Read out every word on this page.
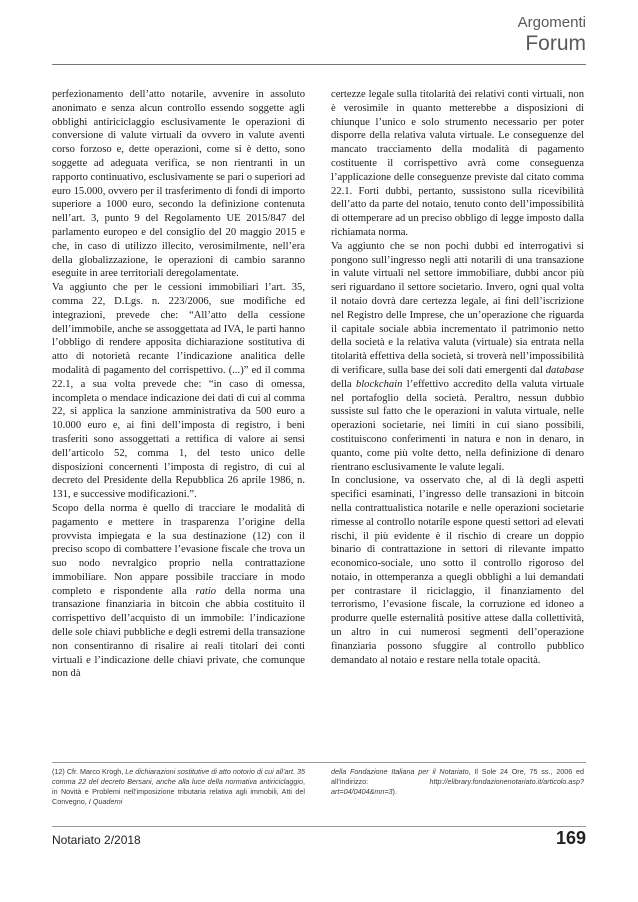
Argomenti
Forum

perfezionamento dell’atto notarile, avvenire in assoluto anonimato e senza alcun controllo essendo soggette agli obblighi antiriciclaggio esclusivamente le operazioni di conversione di valute virtuali da ovvero in valute aventi corso forzoso e, dette operazioni, come si è detto, sono soggette ad adeguata verifica, se non rientranti in un rapporto continuativo, esclusivamente se pari o superiori ad euro 15.000, ovvero per il trasferimento di fondi di importo superiore a 1000 euro, secondo la definizione contenuta nell’art. 3, punto 9 del Regolamento UE 2015/847 del parlamento europeo e del consiglio del 20 maggio 2015 e che, in caso di utilizzo illecito, verosimilmente, nell’era della globalizzazione, le operazioni di cambio saranno eseguite in aree territoriali deregolamentate.

Va aggiunto che per le cessioni immobiliari l’art. 35, comma 22, D.Lgs. n. 223/2006, sue modifiche ed integrazioni, prevede che: “All’atto della cessione dell’immobile, anche se assoggettata ad IVA, le parti hanno l’obbligo di rendere apposita dichiarazione sostitutiva di atto di notorietà recante l’indicazione analitica delle modalità di pagamento del corrispettivo. (...)” ed il comma 22.1, a sua volta prevede che: “in caso di omessa, incompleta o mendace indicazione dei dati di cui al comma 22, si applica la sanzione amministrativa da 500 euro a 10.000 euro e, ai fini dell’imposta di registro, i beni trasferiti sono assoggettati a rettifica di valore ai sensi dell’articolo 52, comma 1, del testo unico delle disposizioni concernenti l’imposta di registro, di cui al decreto del Presidente della Repubblica 26 aprile 1986, n. 131, e successive modificazioni.”.

Scopo della norma è quello di tracciare le modalità di pagamento e mettere in trasparenza l’origine della provvista impiegata e la sua destinazione (12) con il preciso scopo di combattere l’evasione fiscale che trova un suo nodo nevralgico proprio nella contrattazione immobiliare. Non appare possibile tracciare in modo completo e rispondente alla ratio della norma una transazione finanziaria in bitcoin che abbia costituito il corrispettivo dell’acquisto di un immobile: l’indicazione delle sole chiavi pubbliche e degli estremi della transazione non consentiranno di risalire ai reali titolari dei conti virtuali e l’indicazione delle chiavi private, che comunque non dà

certezze legale sulla titolarità dei relativi conti virtuali, non è verosimile in quanto metterebbe a disposizioni di chiunque l’unico e solo strumento necessario per poter disporre della relativa valuta virtuale. Le conseguenze del mancato tracciamento della modalità di pagamento costituente il corrispettivo avrà come conseguenza l’applicazione delle conseguenze previste dal citato comma 22.1. Forti dubbi, pertanto, sussistono sulla ricevibilità dell’atto da parte del notaio, tenuto conto dell’impossibilità di ottemperare ad un preciso obbligo di legge imposto dalla richiamata norma.

Va aggiunto che se non pochi dubbi ed interrogativi si pongono sull’ingresso negli atti notarili di una transazione in valute virtuali nel settore immobiliare, dubbi ancor più seri riguardano il settore societario. Invero, ogni qual volta il notaio dovrà dare certezza legale, ai fini dell’iscrizione nel Registro delle Imprese, che un’operazione che riguarda il capitale sociale abbia incrementato il patrimonio netto della società e la relativa valuta (virtuale) sia entrata nella titolarità effettiva della società, si troverà nell’impossibilità di verificare, sulla base dei soli dati emergenti dal database della blockchain l’effettivo accredito della valuta virtuale nel portafoglio della società. Peraltro, nessun dubbio sussiste sul fatto che le operazioni in valuta virtuale, nelle operazioni societarie, nei limiti in cui siano possibili, costituiscono conferimenti in natura e non in denaro, in quanto, come più volte detto, nella definizione di denaro rientrano esclusivamente le valute legali.

In conclusione, va osservato che, al di là degli aspetti specifici esaminati, l’ingresso delle transazioni in bitcoin nella contrattualistica notarile e nelle operazioni societarie rimesse al controllo notarile espone questi settori ad elevati rischi, il più evidente è il rischio di creare un doppio binario di contrattazione in settori di rilevante impatto economico-sociale, uno sotto il controllo rigoroso del notaio, in ottemperanza a quegli obblighi a lui demandati per contrastare il riciclaggio, il finanziamento del terrorismo, l’evasione fiscale, la corruzione ed idoneo a produrre quelle esternalità positive attese dalla collettività, un altro in cui numerosi segmenti dell’operazione finanziaria possono sfuggire al controllo pubblico demandato al notaio e restare nella totale opacità.

(12) Cfr. Marco Krogh, Le dichiarazioni sostitutive di atto notorio di cui all’art. 35 comma 22 del decreto Bersani, anche alla luce della normativa antiriciclaggio, in Novità e Problemi nell’imposizione tributaria relativa agli immobili, Atti del Convegno, I Quaderni

della Fondazione Italiana per il Notariato, Il Sole 24 Ore, 75 ss., 2006 ed all’indirizzo: http://elibrary.fondazionenotariato.it/articolo.asp?art=04/0404&mn=3).

Notariato 2/2018	169
